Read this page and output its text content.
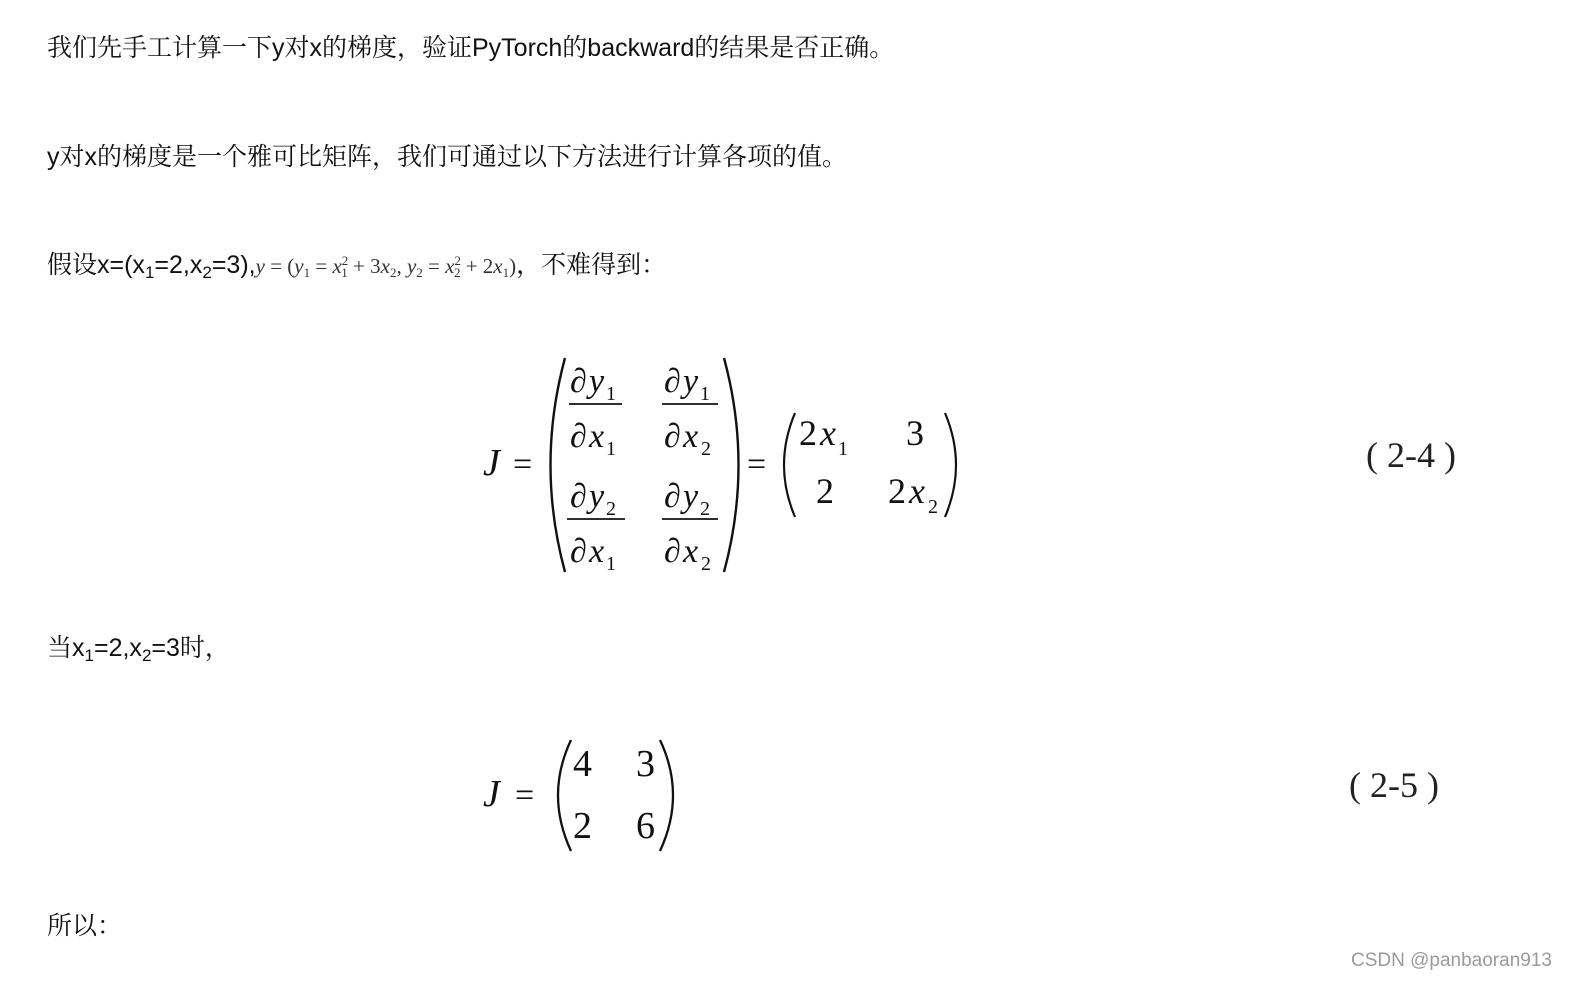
我们先手工计算一下y对x的梯度，验证PyTorch的backward的结果是否正确。
y对x的梯度是一个雅可比矩阵，我们可通过以下方法进行计算各项的值。
假设$x=(x_1=2,x_2=3),y = (y_1 = x^2_1 + 3x_2$, $y_2 = x^2_2 + 2x_1$)，不难得到：
J =
∂ y 1
∂ x 1
∂ y 1
∂ x 2
∂ y 2
∂ x 1
∂ y 2
∂ x 2
=
2 x 1 3
2 2 x 2
J =
4 3
2 6
( 2-4 )
当$x_1=2,x_2=3$时，
( 2-5 )
所以：
CSDN @panbaoran913
